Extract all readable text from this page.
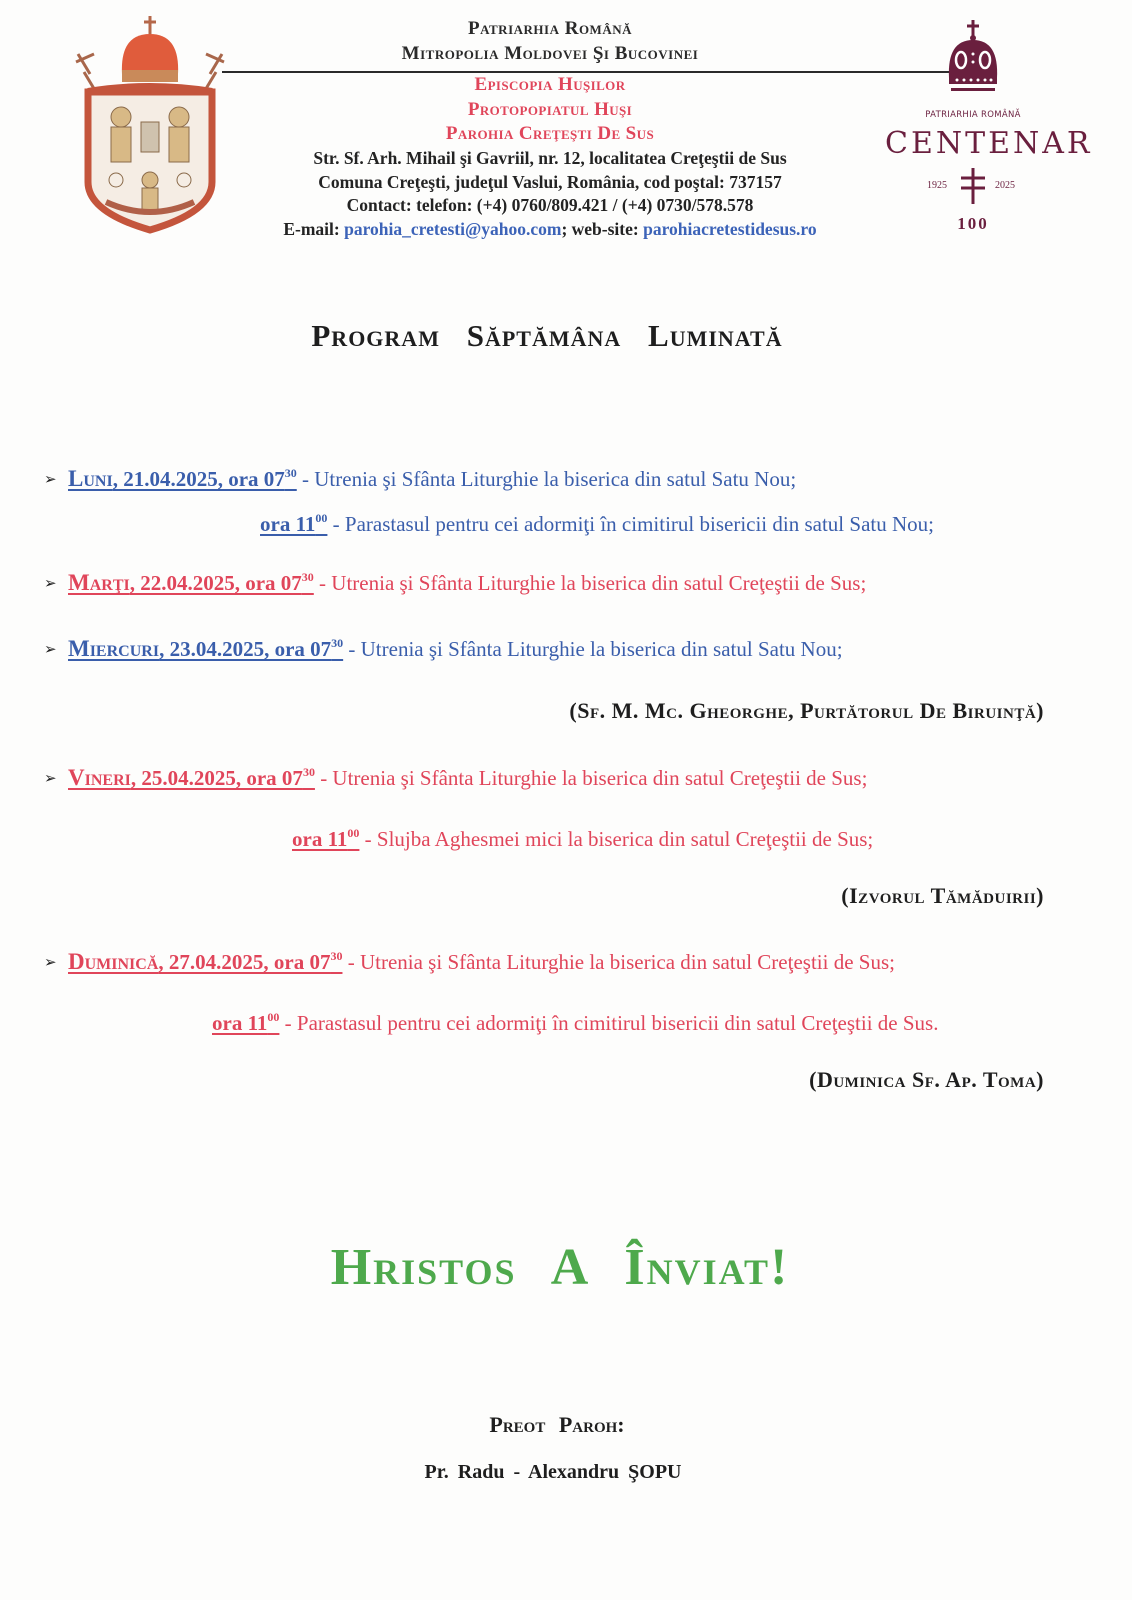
Patriarhia Română
Mitropolia Moldovei Şi Bucovinei
Episcopia Huşilor
Protopopiatul Huşi
Parohia Creţeşti De Sus
Str. Sf. Arh. Mihail şi Gavriil, nr. 12, localitatea Creţeştii de Sus
Comuna Creţeşti, judeţul Vaslui, România, cod poştal: 737157
Contact: telefon: (+4) 0760/809.421 / (+4) 0730/578.578
E-mail: parohia_cretesti@yahoo.com; web-site: parohiacretestidesus.ro
PATRIARHIA ROMÂNĂ
CENTENAR
1925	2025
100
Program Săptămâna Luminată
➢ Luni, 21.04.2025, ora $07^{30}$ - Utrenia şi Sfânta Liturghie la biserica din satul Satu Nou;
ora $11^{00}$ - Parastasul pentru cei adormiţi în cimitirul bisericii din satul Satu Nou;
➢ Marţi, 22.04.2025, ora $07^{30}$ - Utrenia şi Sfânta Liturghie la biserica din satul Creţeştii de Sus;
➢ Miercuri, 23.04.2025, ora $07^{30}$ - Utrenia şi Sfânta Liturghie la biserica din satul Satu Nou;
(Sf. M. Mc. Gheorghe, Purtătorul De Biruinţă)
➢ Vineri, 25.04.2025, ora $07^{30}$ - Utrenia şi Sfânta Liturghie la biserica din satul Creţeştii de Sus;
ora $11^{00}$ - Slujba Aghesmei mici la biserica din satul Creţeştii de Sus;
(Izvorul Tămăduirii)
➢ Duminică, 27.04.2025, ora $07^{30}$ - Utrenia şi Sfânta Liturghie la biserica din satul Creţeştii de Sus;
ora $11^{00}$ - Parastasul pentru cei adormiţi în cimitirul bisericii din satul Creţeştii de Sus.
(Duminica Sf. Ap. Toma)
Hristos A Înviat!
Preot Paroh:
Pr. Radu - Alexandru ŞOPU
